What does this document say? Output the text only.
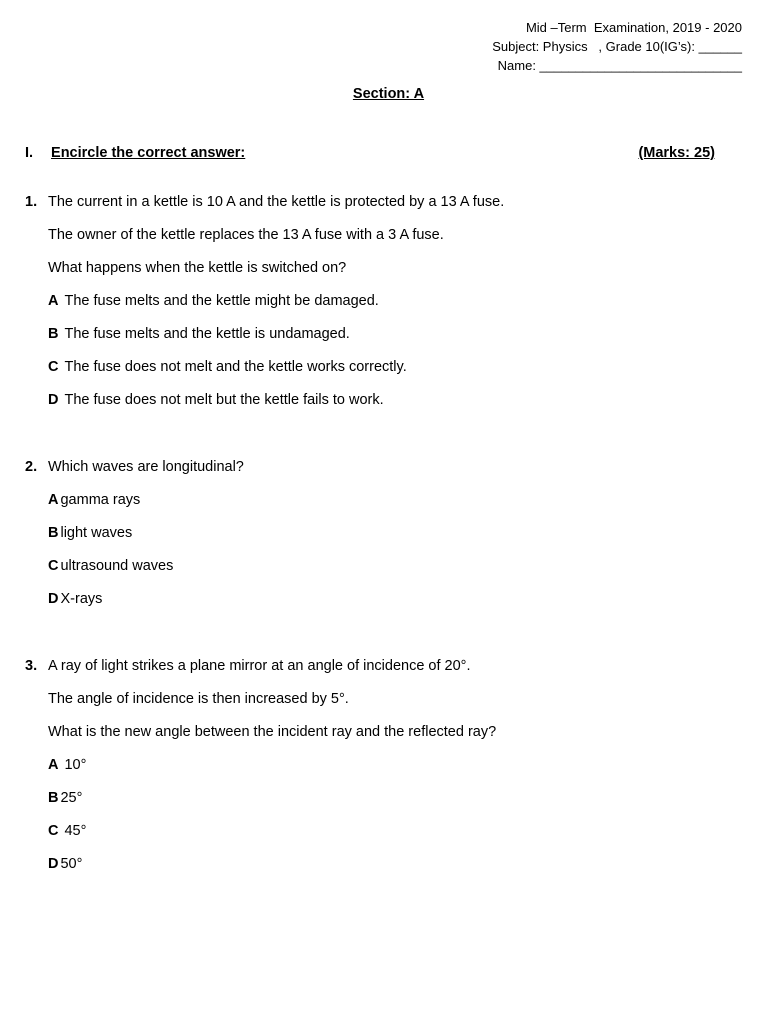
Mid –Term  Examination, 2019 - 2020
Subject: Physics   , Grade 10(IG’s): ______
Name: ____________________________
Section: A
I. Encircle the correct answer:	(Marks: 25)
1. The current in a kettle is 10 A and the kettle is protected by a 13 A fuse.
The owner of the kettle replaces the 13 A fuse with a 3 A fuse.
What happens when the kettle is switched on?
A The fuse melts and the kettle might be damaged.
B The fuse melts and the kettle is undamaged.
C The fuse does not melt and the kettle works correctly.
D The fuse does not melt but the kettle fails to work.
2. Which waves are longitudinal?
A gamma rays
B light waves
C ultrasound waves
D X-rays
3. A ray of light strikes a plane mirror at an angle of incidence of 20°.
The angle of incidence is then increased by 5°.
What is the new angle between the incident ray and the reflected ray?
A 10°
B 25°
C 45°
D 50°
